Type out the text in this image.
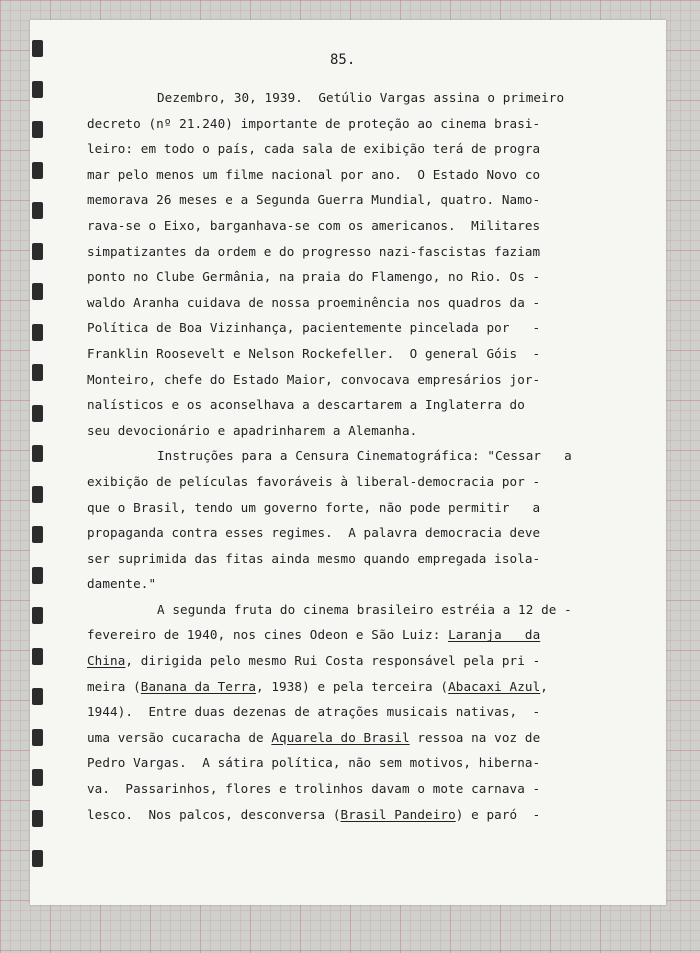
85.
Dezembro, 30, 1939.  Getúlio Vargas assina o primeiro
decreto (nº 21.240) importante de proteção ao cinema brasi-
leiro: em todo o país, cada sala de exibição terá de progra
mar pelo menos um filme nacional por ano.  O Estado Novo co
memorava 26 meses e a Segunda Guerra Mundial, quatro. Namo-
rava-se o Eixo, barganhava-se com os americanos.  Militares
simpatizantes da ordem e do progresso nazi-fascistas faziam
ponto no Clube Germânia, na praia do Flamengo, no Rio. Os -
waldo Aranha cuidava de nossa proeminência nos quadros da -
Política de Boa Vizinhança, pacientemente pincelada por   -
Franklin Roosevelt e Nelson Rockefeller.  O general Góis  -
Monteiro, chefe do Estado Maior, convocava empresários jor-
nalísticos e os aconselhava a descartarem a Inglaterra do
seu devocionário e apadrinharem a Alemanha.
Instruções para a Censura Cinematográfica: "Cessar   a
exibição de películas favoráveis à liberal-democracia por -
que o Brasil, tendo um governo forte, não pode permitir   a
propaganda contra esses regimes.  A palavra democracia deve
ser suprimida das fitas ainda mesmo quando empregada isola-
damente."
A segunda fruta do cinema brasileiro estréia a 12 de -
fevereiro de 1940, nos cines Odeon e São Luiz: Laranja   da
China, dirigida pelo mesmo Rui Costa responsável pela pri -
meira (Banana da Terra, 1938) e pela terceira (Abacaxi Azul,
1944).  Entre duas dezenas de atrações musicais nativas,  -
uma versão cucaracha de Aquarela do Brasil ressoa na voz de
Pedro Vargas.  A sátira política, não sem motivos, hiberna-
va.  Passarinhos, flores e trolinhos davam o mote carnava -
lesco.  Nos palcos, desconversa (Brasil Pandeiro) e paró  -
